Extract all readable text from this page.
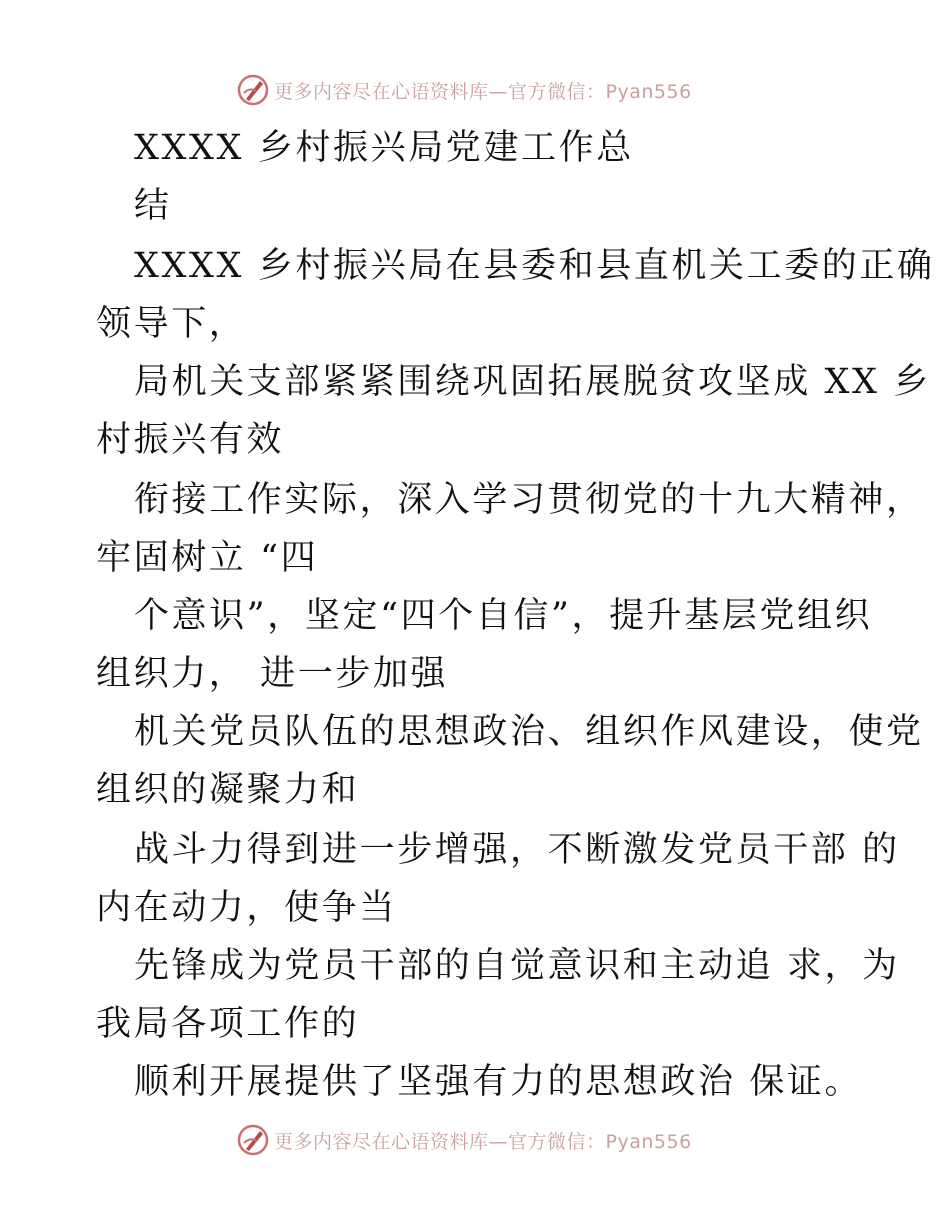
更多内容尽在心语资料库—官方微信：Pyan556
XXXX 乡村振兴局党建工作总
结
XXXX 乡村振兴局在县委和县直机关工委的正确
领导下，
局机关支部紧紧围绕巩固拓展脱贫攻坚成 XX 乡
村振兴有效
衔接工作实际，深入学习贯彻党的十九大精神，
牢固树立 “四
个意识”，坚定“四个自信”，提升基层党组织
组织力， 进一步加强
机关党员队伍的思想政治、组织作风建设，使党
组织的凝聚力和
战斗力得到进一步增强，不断激发党员干部 的
内在动力，使争当
先锋成为党员干部的自觉意识和主动追 求，为
我局各项工作的
顺利开展提供了坚强有力的思想政治 保证。
更多内容尽在心语资料库—官方微信：Pyan556
